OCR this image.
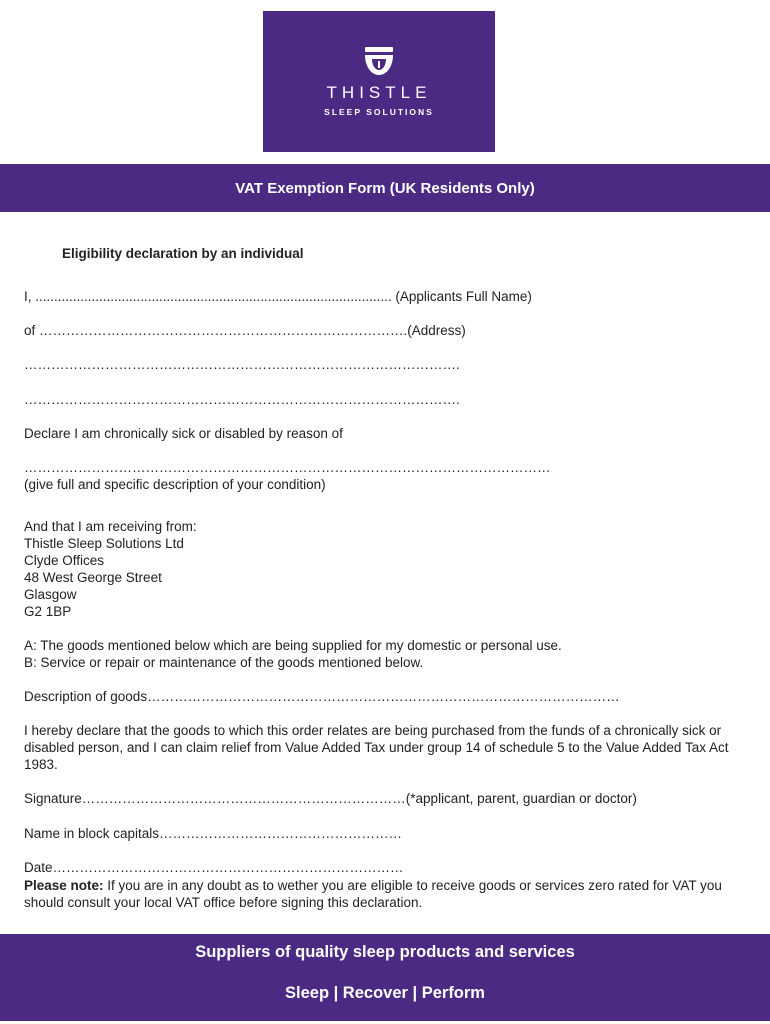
THISTLE
SLEEP SOLUTIONS
VAT Exemption Form (UK Residents Only)
Eligibility declaration by an individual
I, ............................................................................................... (Applicants Full Name)
of ……………………………………………………………………….(Address)
…………………………………………………………………………………….
…………………………………………………………………………………….
Declare I am chronically sick or disabled by reason of
………………………………………………………………………………………………………
(give full and specific description of your condition)
And that I am receiving from:
Thistle Sleep Solutions Ltd
Clyde Offices
48 West George Street
Glasgow
G2 1BP
A: The goods mentioned below which are being supplied for my domestic or personal use.
B: Service or repair or maintenance of the goods mentioned below.
Description of goods……………………………………………………………………………………………
I hereby declare that the goods to which this order relates are being purchased from the funds of a chronically sick or disabled person, and I can claim relief from Value Added Tax under group 14 of schedule 5 to the Value Added Tax Act 1983.
Signature………………………………………………………………(*applicant, parent, guardian or doctor)
Name in block capitals………………………………………………
Date……………………………………………………………………
Please note: If you are in any doubt as to wether you are eligible to receive goods or services zero rated for VAT you should consult your local VAT office before signing this declaration.
Suppliers of quality sleep products and services
Sleep | Recover | Perform
